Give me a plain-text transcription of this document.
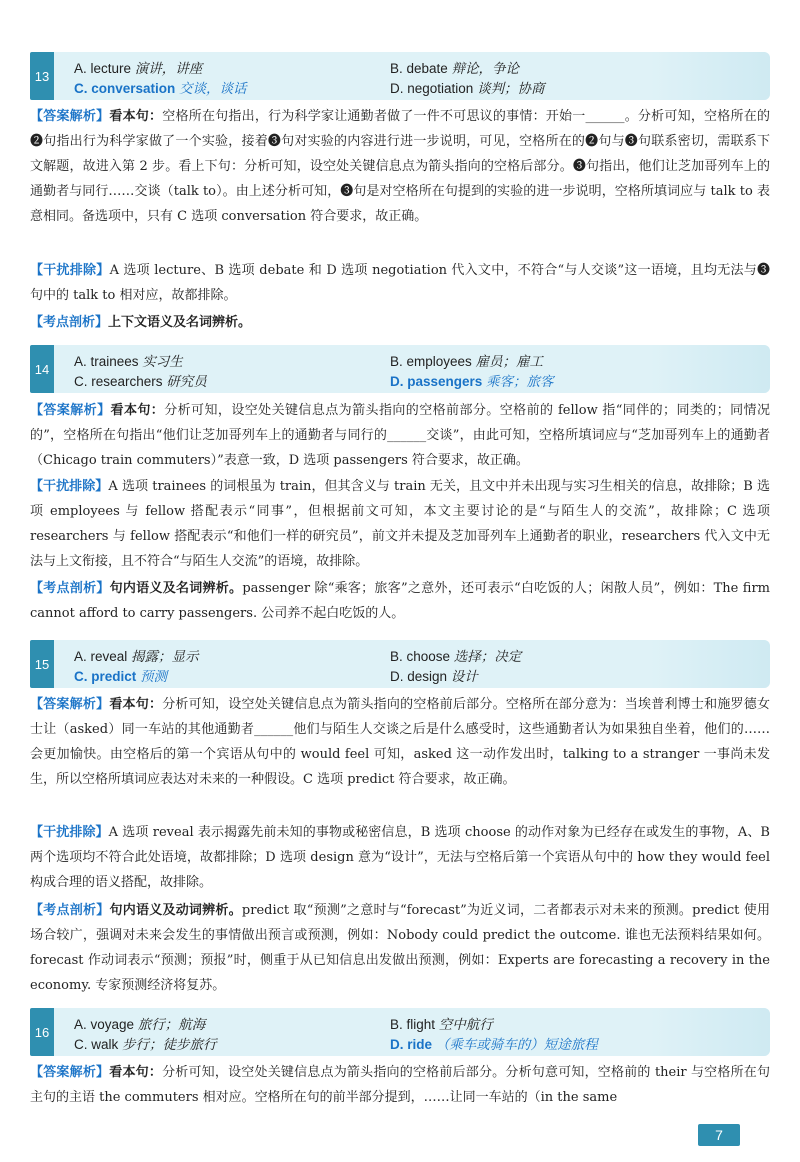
13	A. lecture 演讲，讲座	B. debate 辩论，争论
C. conversation 交谈，谈话	D. negotiation 谈判；协商
【答案解析】看本句：空格所在句指出，行为科学家让通勤者做了一件不可思议的事情：开始一______。分析可知，空格所在的❷句指出行为科学家做了一个实验，接着❸句对实验的内容进行进一步说明，可见，空格所在的❷句与❸句联系密切，需联系下文解题，故进入第 2 步。看上下句：分析可知，设空处关键信息点为箭头指向的空格后部分。❸句指出，他们让芝加哥列车上的通勤者与同行……交谈（talk to）。由上述分析可知，❸句是对空格所在句提到的实验的进一步说明，空格所填词应与 talk to 表意相同。备选项中，只有 C 选项 conversation 符合要求，故正确。
【干扰排除】A 选项 lecture、B 选项 debate 和 D 选项 negotiation 代入文中，不符合“与人交谈”这一语境，且均无法与❸句中的 talk to 相对应，故都排除。
【考点剖析】上下文语义及名词辨析。
14	A. trainees 实习生	B. employees 雇员；雇工
C. researchers 研究员	D. passengers 乘客；旅客
【答案解析】看本句：分析可知，设空处关键信息点为箭头指向的空格前部分。空格前的 fellow 指“同伴的；同类的；同情况的”，空格所在句指出“他们让芝加哥列车上的通勤者与同行的______交谈”，由此可知，空格所填词应与“芝加哥列车上的通勤者（Chicago train commuters）”表意一致，D 选项 passengers 符合要求，故正确。
【干扰排除】A 选项 trainees 的词根虽为 train，但其含义与 train 无关，且文中并未出现与实习生相关的信息，故排除；B 选项 employees 与 fellow 搭配表示“同事”，但根据前文可知，本文主要讨论的是“与陌生人的交流”，故排除；C 选项 researchers 与 fellow 搭配表示“和他们一样的研究员”，前文并未提及芝加哥列车上通勤者的职业，researchers 代入文中无法与上文衔接，且不符合“与陌生人交流”的语境，故排除。
【考点剖析】句内语义及名词辨析。passenger 除“乘客；旅客”之意外，还可表示“白吃饭的人；闲散人员”，例如：The firm cannot afford to carry passengers. 公司养不起白吃饭的人。
15	A. reveal 揭露；显示	B. choose 选择；决定
C. predict 预测	D. design 设计
【答案解析】看本句：分析可知，设空处关键信息点为箭头指向的空格前后部分。空格所在部分意为：当埃普利博士和施罗德女士让（asked）同一车站的其他通勤者______他们与陌生人交谈之后是什么感受时，这些通勤者认为如果独自坐着，他们的……会更加愉快。由空格后的第一个宾语从句中的 would feel 可知，asked 这一动作发出时，talking to a stranger 一事尚未发生，所以空格所填词应表达对未来的一种假设。C 选项 predict 符合要求，故正确。
【干扰排除】A 选项 reveal 表示揭露先前未知的事物或秘密信息，B 选项 choose 的动作对象为已经存在或发生的事物，A、B 两个选项均不符合此处语境，故都排除；D 选项 design 意为“设计”，无法与空格后第一个宾语从句中的 how they would feel 构成合理的语义搭配，故排除。
【考点剖析】句内语义及动词辨析。predict 取“预测”之意时与“forecast”为近义词，二者都表示对未来的预测。predict 使用场合较广，强调对未来会发生的事情做出预言或预测，例如：Nobody could predict the outcome. 谁也无法预料结果如何。forecast 作动词表示“预测；预报”时，侧重于从已知信息出发做出预测，例如：Experts are forecasting a recovery in the economy. 专家预测经济将复苏。
16	A. voyage 旅行；航海	B. flight 空中航行
C. walk 步行；徒步旅行	D. ride （乘车或骑车的）短途旅程
【答案解析】看本句：分析可知，设空处关键信息点为箭头指向的空格前后部分。分析句意可知，空格前的 their 与空格所在句主句的主语 the commuters 相对应。空格所在句的前半部分提到，……让同一车站的（in the same
7
